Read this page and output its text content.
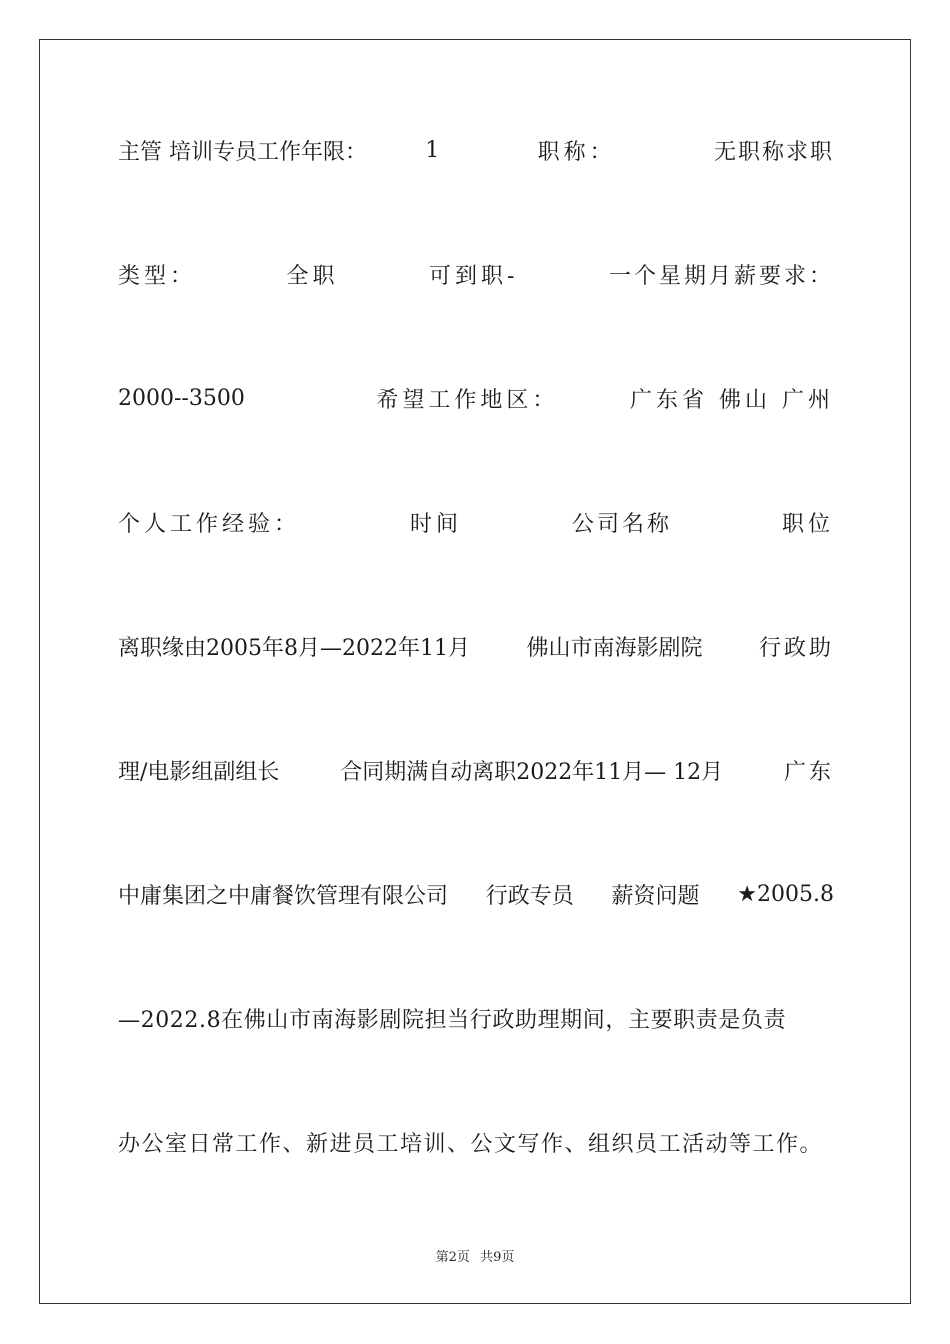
主管 培训专员工作年限：	1	职称：	无职称求职
类型：	全职	可到职-	一个星期月薪要求：
2000--3500	希望工作地区：	广东省 佛山 广州
个人工作经验：	时间	公司名称	职位
离职缘由2005年8月—2022年11月	佛山市南海影剧院	行政助
理/电影组副组长	合同期满自动离职2022年11月— 12月	广东
中庸集团之中庸餐饮管理有限公司 行政专员 薪资问题 ★2005.8
—2022.8在佛山市南海影剧院担当行政助理期间，主要职责是负责
办公室日常工作、新进员工培训、公文写作、组织员工活动等工作。
第2页 共9页
